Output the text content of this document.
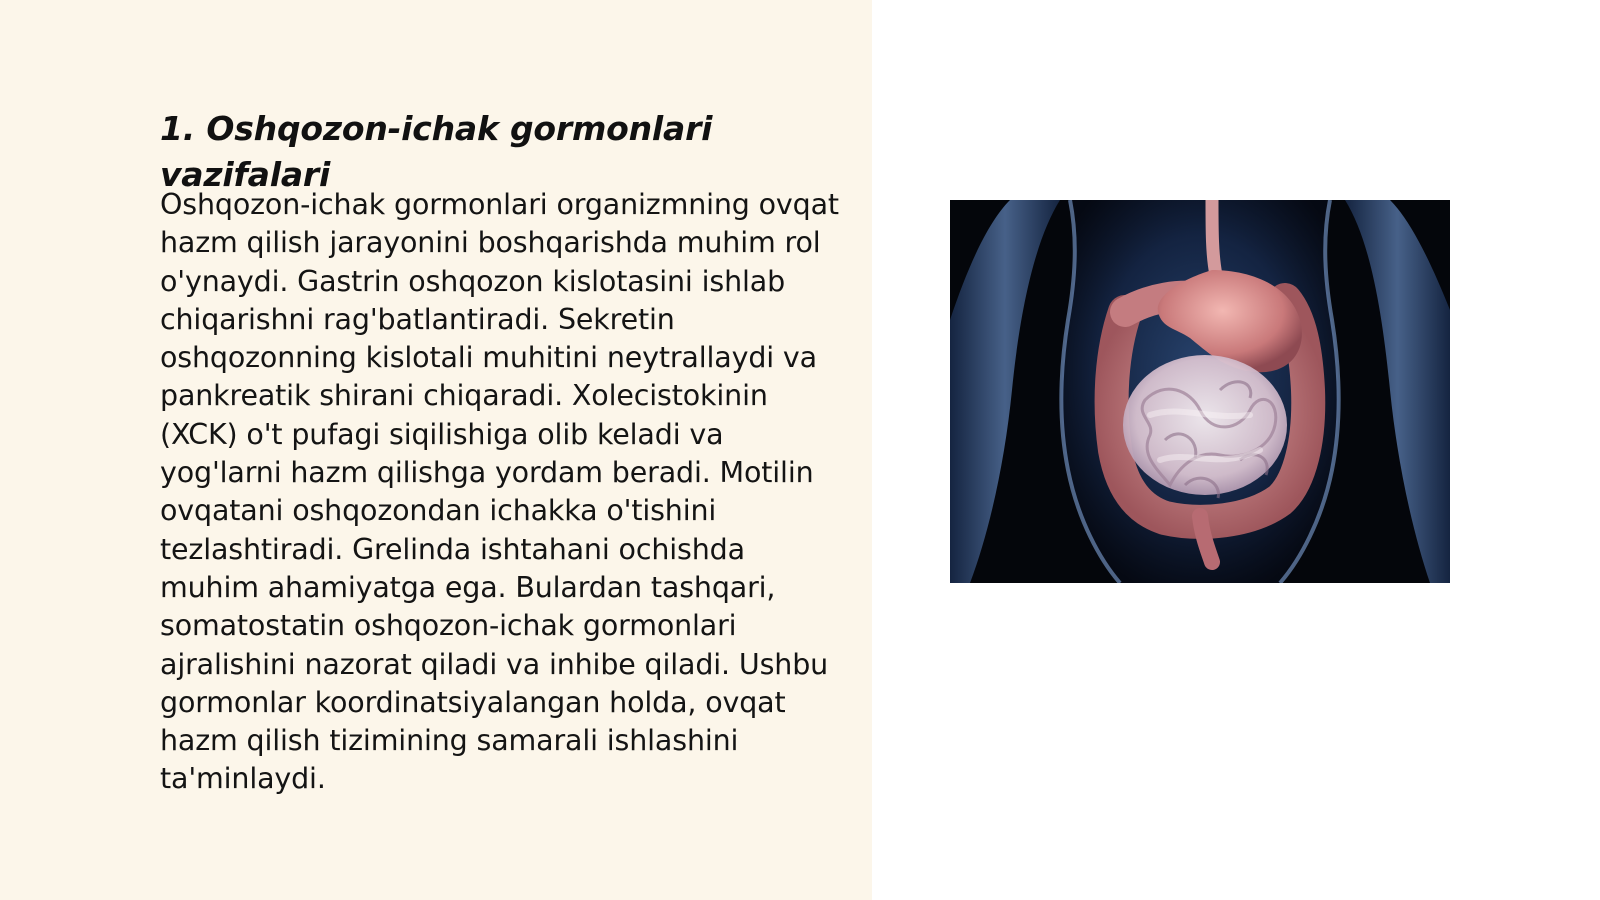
1. Oshqozon-ichak gormonlari vazifalari

Oshqozon-ichak gormonlari organizmning ovqat hazm qilish jarayonini boshqarishda muhim rol o'ynaydi. Gastrin oshqozon kislotasini ishlab chiqarishni rag'batlantiradi. Sekretin oshqozonning kislotali muhitini neytrallaydi va pankreatik shirani chiqaradi. Xolecistokinin (XCK) o't pufagi siqilishiga olib keladi va yog'larni hazm qilishga yordam beradi. Motilin ovqatani oshqozondan ichakka o'tishini tezlashtiradi. Grelinda ishtahani ochishda muhim ahamiyatga ega. Bulardan tashqari, somatostatin oshqozon-ichak gormonlari ajralishini nazorat qiladi va inhibe qiladi. Ushbu gormonlar koordinatsiyalangan holda, ovqat hazm qilish tizimining samarali ishlashini ta'minlaydi.
